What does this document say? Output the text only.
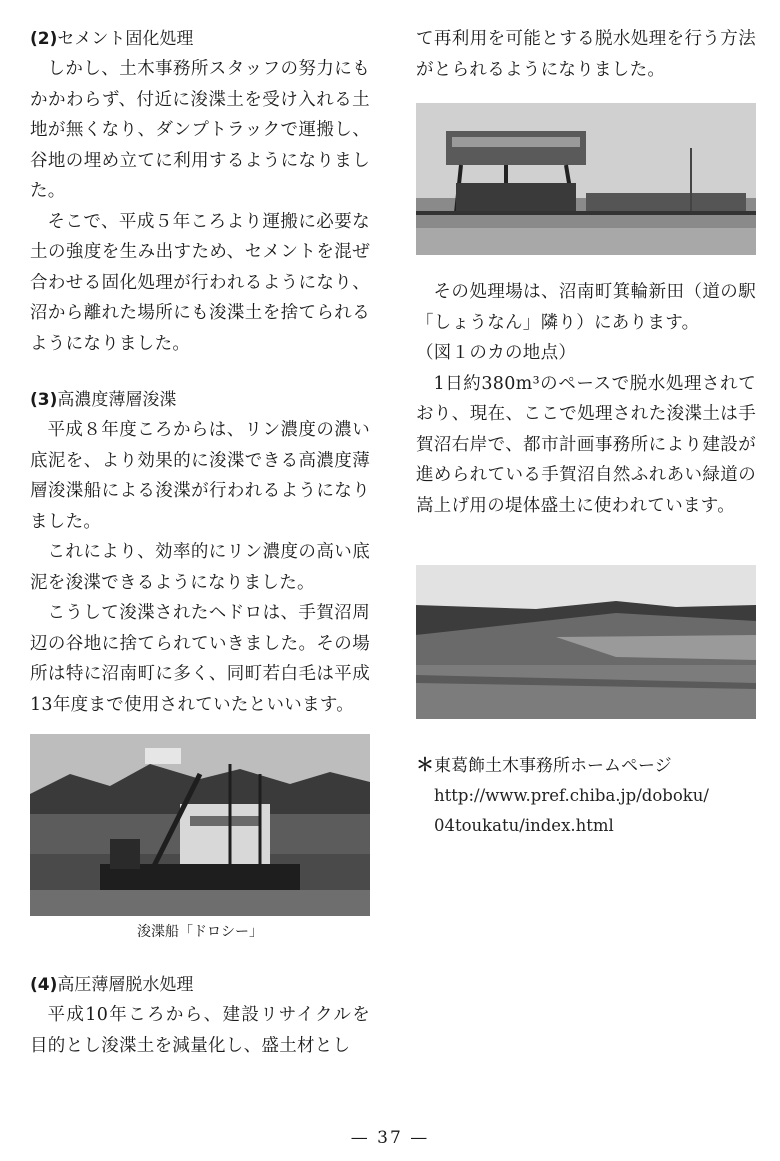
(2)セメント固化処理

しかし、土木事務所スタッフの努力にもかかわらず、付近に浚渫土を受け入れる土地が無くなり、ダンプトラックで運搬し、谷地の埋め立てに利用するようになりました。

そこで、平成５年ころより運搬に必要な土の強度を生み出すため、セメントを混ぜ合わせる固化処理が行われるようになり、沼から離れた場所にも浚渫土を捨てられるようになりました。

(3)高濃度薄層浚渫

平成８年度ころからは、リン濃度の濃い底泥を、より効果的に浚渫できる高濃度薄層浚渫船による浚渫が行われるようになりました。

これにより、効率的にリン濃度の高い底泥を浚渫できるようになりました。

こうして浚渫されたヘドロは、手賀沼周辺の谷地に捨てられていきました。その場所は特に沼南町に多く、同町若白毛は平成13年度まで使用されていたといいます。

浚渫船「ドロシー」
(4)高圧薄層脱水処理

平成10年ころから、建設リサイクルを目的とし浚渫土を減量化し、盛土材とし

て再利用を可能とする脱水処理を行う方法がとられるようになりました。

その処理場は、沼南町箕輪新田（道の駅「しょうなん」隣り）にあります。

（図１のカの地点）

1日約380m³のペースで脱水処理されており、現在、ここで処理された浚渫土は手賀沼右岸で、都市計画事務所により建設が進められている手賀沼自然ふれあい緑道の嵩上げ用の堤体盛土に使われています。

＊東葛飾土木事務所ホームページ

http://www.pref.chiba.jp/doboku/

04toukatu/index.html

— 37 —
